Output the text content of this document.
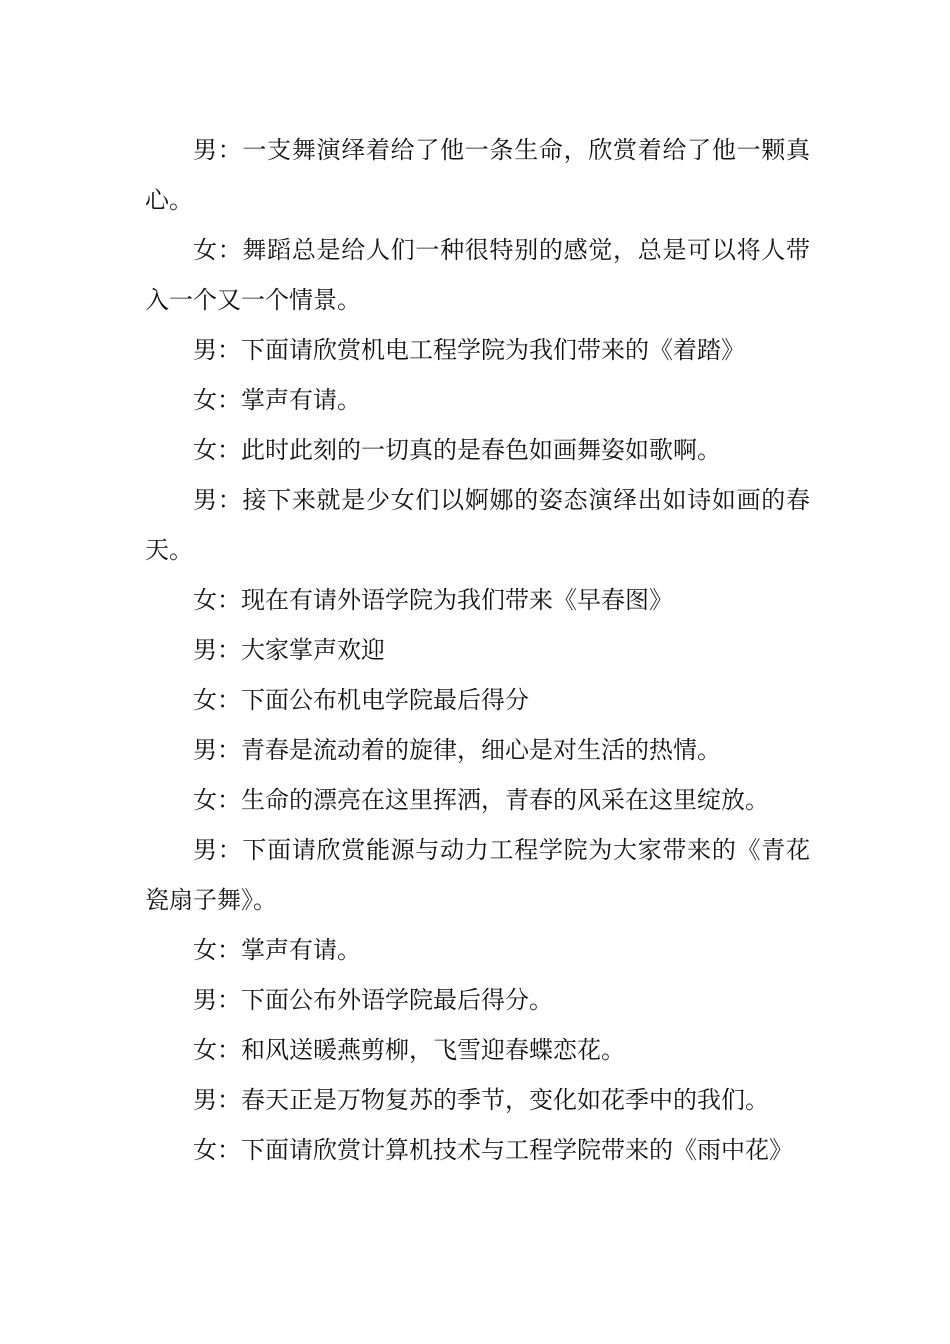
男：一支舞演绎着给了他一条生命，欣赏着给了他一颗真心。

女：舞蹈总是给人们一种很特别的感觉，总是可以将人带入一个又一个情景。

男：下面请欣赏机电工程学院为我们带来的《着踏》

女：掌声有请。

女：此时此刻的一切真的是春色如画舞姿如歌啊。

男：接下来就是少女们以婀娜的姿态演绎出如诗如画的春天。

女：现在有请外语学院为我们带来《早春图》

男：大家掌声欢迎

女：下面公布机电学院最后得分

男：青春是流动着的旋律，细心是对生活的热情。

女：生命的漂亮在这里挥洒，青春的风采在这里绽放。

男：下面请欣赏能源与动力工程学院为大家带来的《青花瓷扇子舞》。

女：掌声有请。

男：下面公布外语学院最后得分。

女：和风送暖燕剪柳，飞雪迎春蝶恋花。

男：春天正是万物复苏的季节，变化如花季中的我们。

女：下面请欣赏计算机技术与工程学院带来的《雨中花》
